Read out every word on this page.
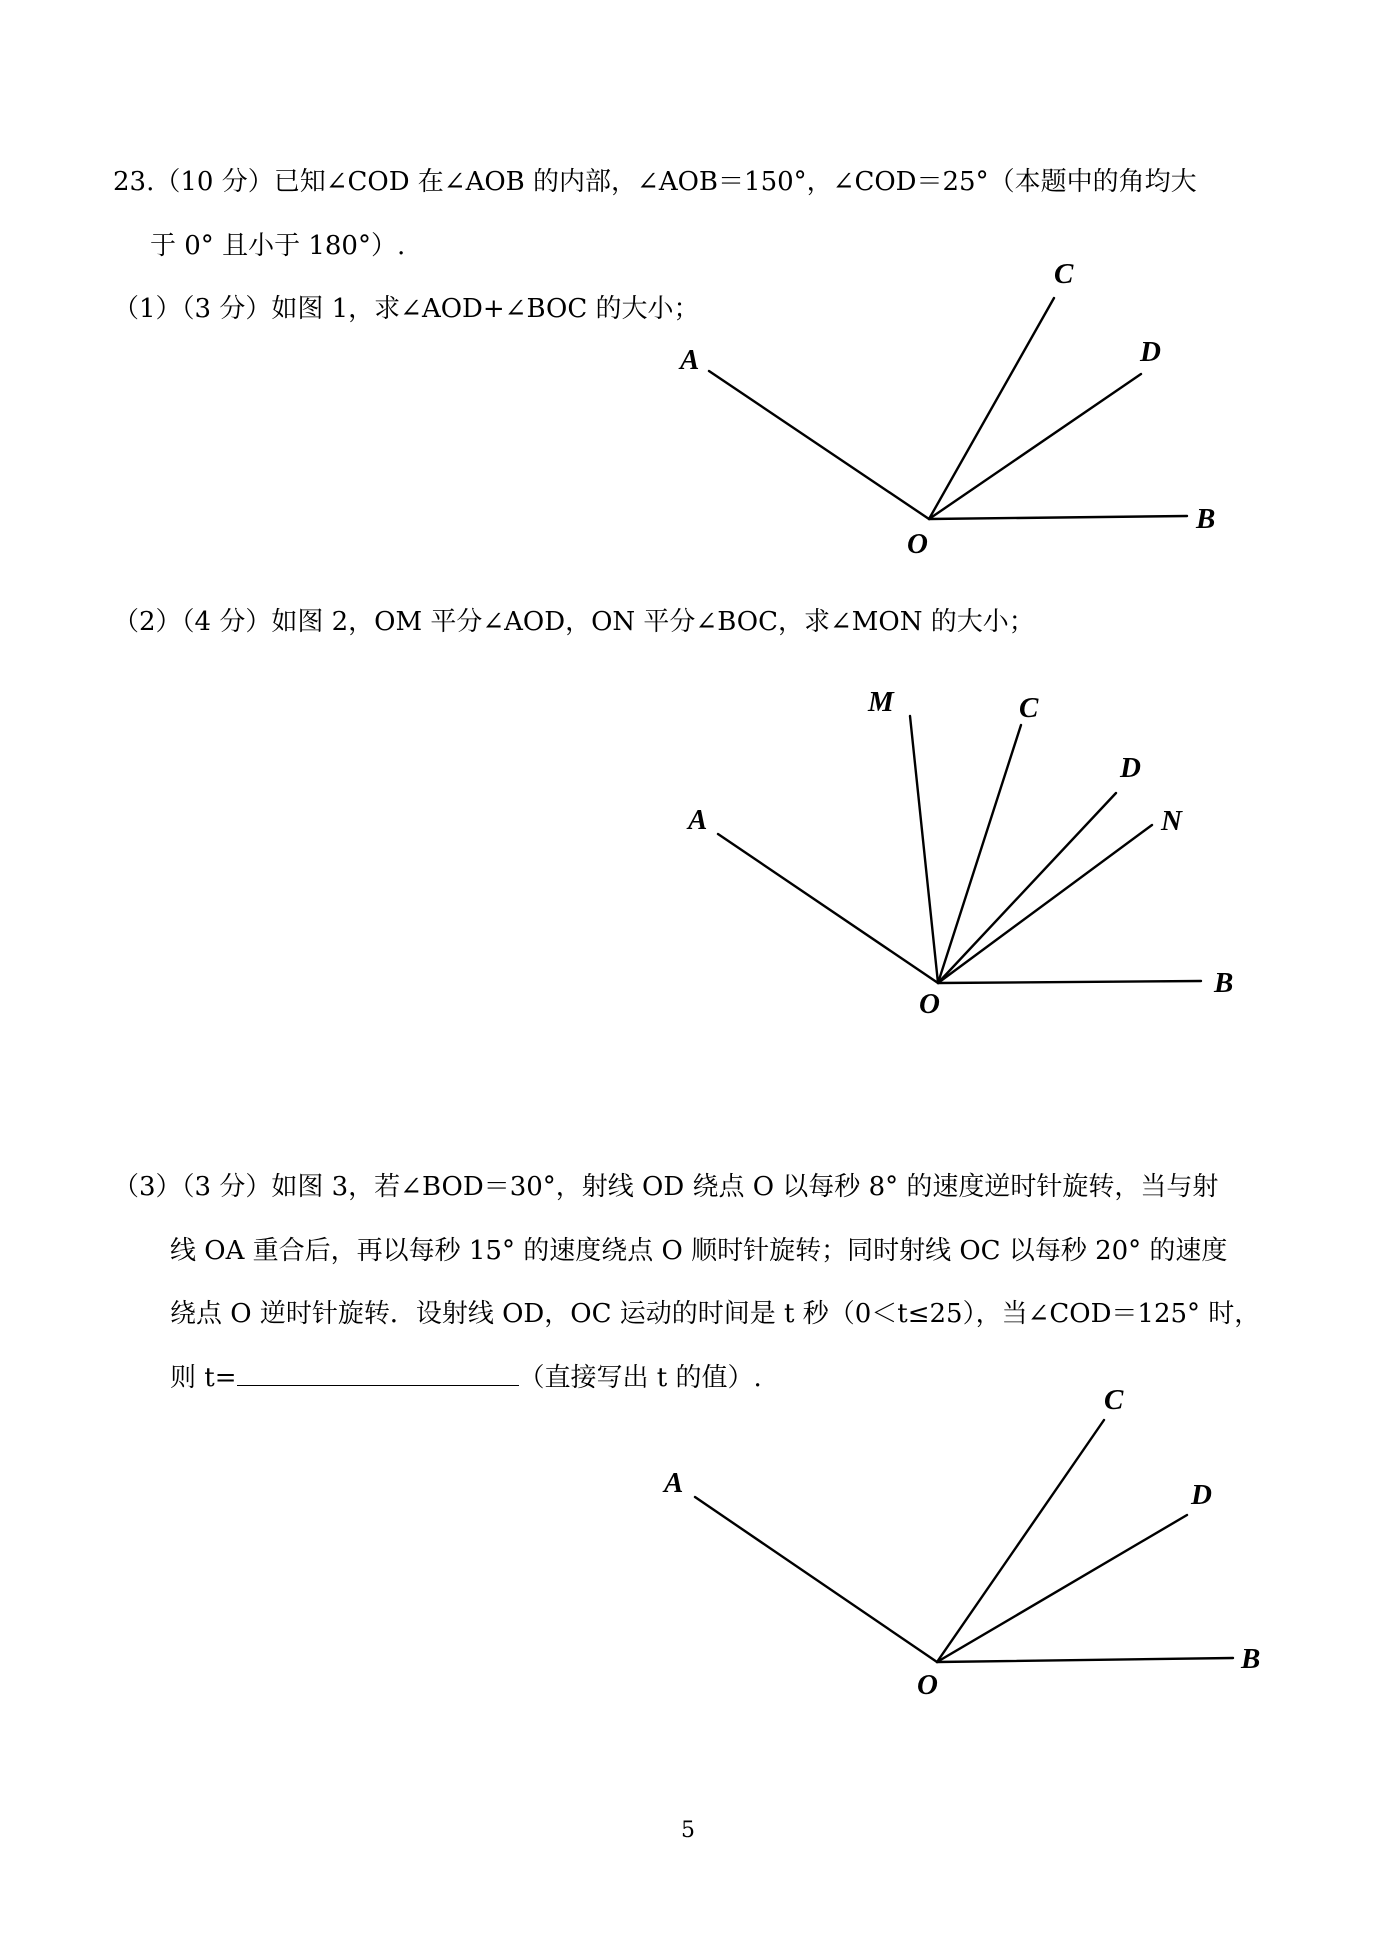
23.（10 分）已知∠COD 在∠AOB 的内部，∠AOB＝150°，∠COD＝25°（本题中的角均大
于 0° 且小于 180°）.
（1）（3 分）如图 1，求∠AOD+∠BOC 的大小；
A
C
D
B
O
（2）（4 分）如图 2，OM 平分∠AOD，ON 平分∠BOC，求∠MON 的大小；
M	C
A
D
N
B
O
（3）（3 分）如图 3，若∠BOD＝30°，射线 OD 绕点 O 以每秒 8° 的速度逆时针旋转，当与射
线 OA 重合后，再以每秒 15° 的速度绕点 O 顺时针旋转；同时射线 OC 以每秒 20° 的速度
绕点 O 逆时针旋转．设射线 OD，OC 运动的时间是 t 秒（0＜t≤25），当∠COD＝125° 时，
则 t=	（直接写出 t 的值）.
C
A	D
B
O
5
